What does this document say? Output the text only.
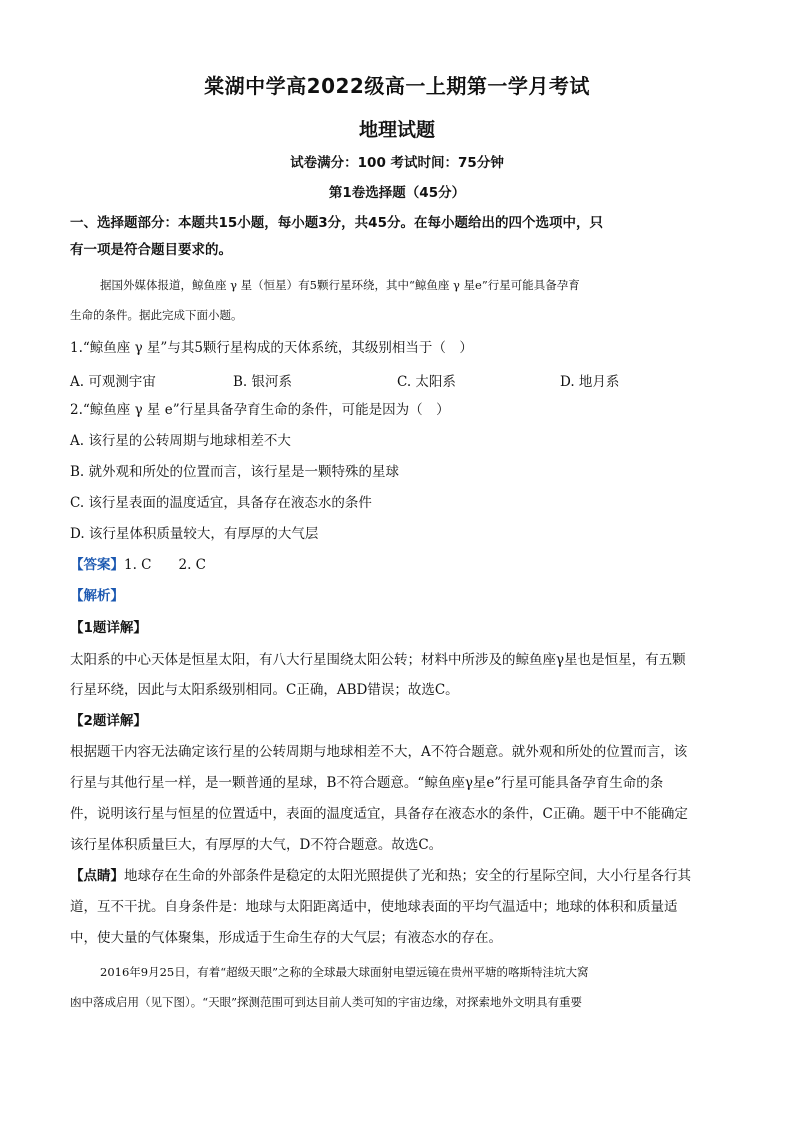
棠湖中学高2022级高一上期第一学月考试
地理试题
试卷满分：100 考试时间：75分钟
第1卷选择题（45分）
一、选择题部分：本题共15小题，每小题3分，共45分。在每小题给出的四个选项中，只
有一项是符合题目要求的。
据国外媒体报道，鲸鱼座 γ 星（恒星）有5颗行星环绕，其中“鲸鱼座 γ 星e”行星可能具备孕育
生命的条件。据此完成下面小题。
1.“鲸鱼座 γ 星”与其5颗行星构成的天体系统，其级别相当于（　）
A. 可观测宇宙	B. 银河系	C. 太阳系	D. 地月系
2.“鲸鱼座 γ 星 e”行星具备孕育生命的条件，可能是因为（　）
A. 该行星的公转周期与地球相差不大
B. 就外观和所处的位置而言，该行星是一颗特殊的星球
C. 该行星表面的温度适宜，具备存在液态水的条件
D. 该行星体积质量较大，有厚厚的大气层
【答案】1. C　　2. C
【解析】
【1题详解】
太阳系的中心天体是恒星太阳，有八大行星围绕太阳公转；材料中所涉及的鲸鱼座γ星也是恒星，有五颗
行星环绕，因此与太阳系级别相同。C正确，ABD错误；故选C。
【2题详解】
根据题干内容无法确定该行星的公转周期与地球相差不大，A不符合题意。就外观和所处的位置而言，该
行星与其他行星一样，是一颗普通的星球，B不符合题意。“鲸鱼座γ星e”行星可能具备孕育生命的条
件，说明该行星与恒星的位置适中，表面的温度适宜，具备存在液态水的条件，C正确。题干中不能确定
该行星体积质量巨大，有厚厚的大气，D不符合题意。故选C。
【点睛】地球存在生命的外部条件是稳定的太阳光照提供了光和热；安全的行星际空间，大小行星各行其
道，互不干扰。自身条件是：地球与太阳距离适中，使地球表面的平均气温适中；地球的体积和质量适
中，使大量的气体聚集，形成适于生命生存的大气层；有液态水的存在。
2016年9月25日，有着“超级天眼”之称的全球最大球面射电望远镜在贵州平塘的喀斯特洼坑大窝
凼中落成启用（见下图）。“天眼”探测范围可到达目前人类可知的宇宙边缘，对探索地外文明具有重要
